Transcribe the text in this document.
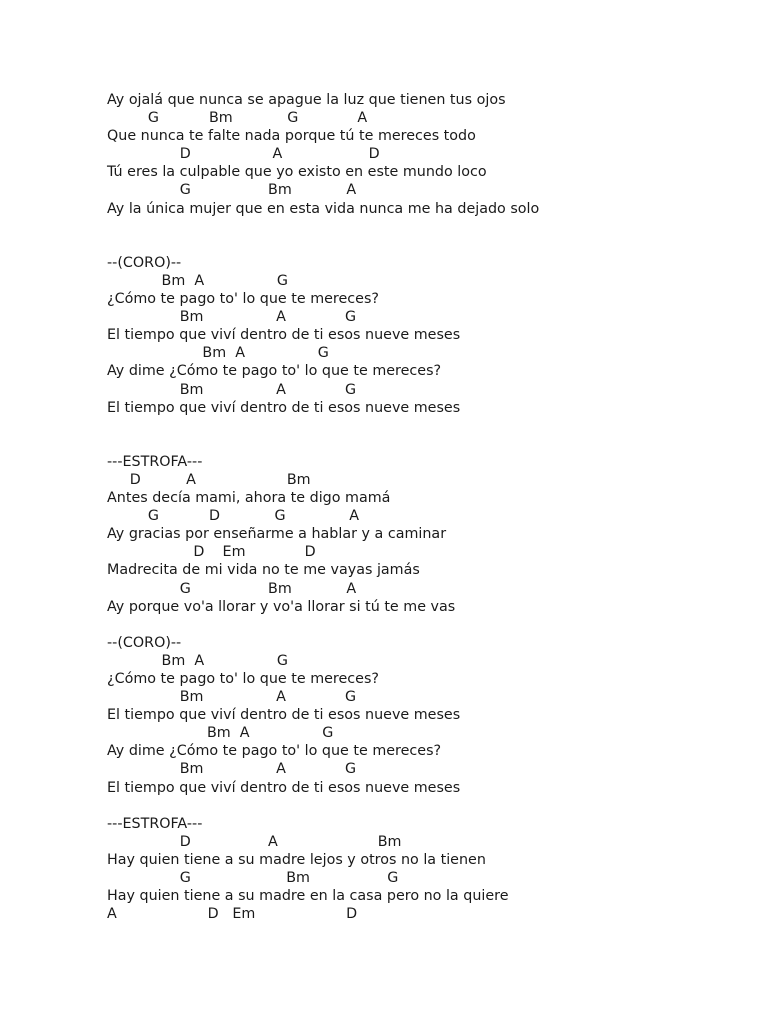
Ay ojalá que nunca se apague la luz que tienen tus ojos
G           Bm            G             A
Que nunca te falte nada porque tú te mereces todo
D                  A                   D
Tú eres la culpable que yo existo en este mundo loco
G                 Bm            A
Ay la única mujer que en esta vida nunca me ha dejado solo
--(CORO)--
Bm  A                G
¿Cómo te pago to' lo que te mereces?
Bm                A             G
El tiempo que viví dentro de ti esos nueve meses
Bm  A                G
Ay dime ¿Cómo te pago to' lo que te mereces?
Bm                A             G
El tiempo que viví dentro de ti esos nueve meses
---ESTROFA---
D          A                    Bm
Antes decía mami, ahora te digo mamá
G           D            G              A
Ay gracias por enseñarme a hablar y a caminar
D    Em             D
Madrecita de mi vida no te me vayas jamás
G                 Bm            A
Ay porque vo'a llorar y vo'a llorar si tú te me vas
--(CORO)--
Bm  A                G
¿Cómo te pago to' lo que te mereces?
Bm                A             G
El tiempo que viví dentro de ti esos nueve meses
Bm  A                G
Ay dime ¿Cómo te pago to' lo que te mereces?
Bm                A             G
El tiempo que viví dentro de ti esos nueve meses
---ESTROFA---
D                 A                      Bm
Hay quien tiene a su madre lejos y otros no la tienen
G                     Bm                 G
Hay quien tiene a su madre en la casa pero no la quiere
A                    D   Em                    D
